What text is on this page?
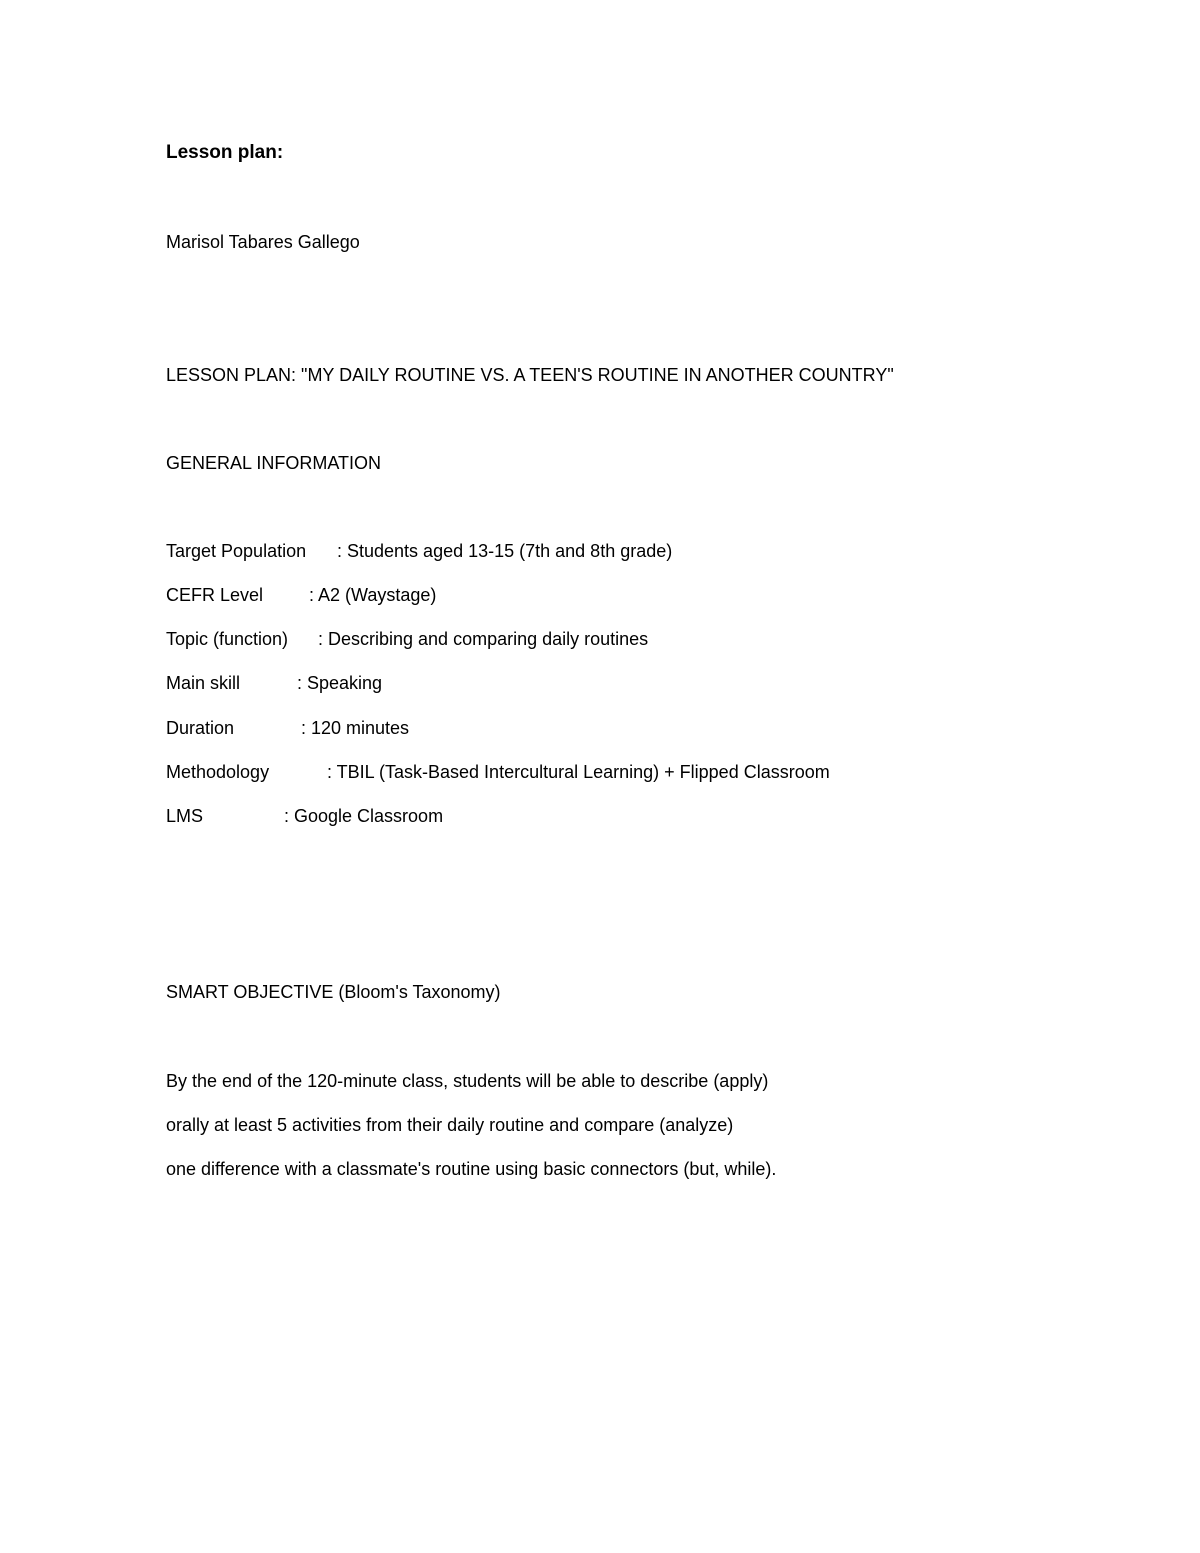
Lesson plan:
Marisol Tabares Gallego
LESSON PLAN: "MY DAILY ROUTINE VS. A TEEN'S ROUTINE IN ANOTHER COUNTRY"
GENERAL INFORMATION
Target Population : Students aged 13-15 (7th and 8th grade)
CEFR Level	: A2 (Waystage)
Topic (function) : Describing and comparing daily routines
Main skill	: Speaking
Duration	: 120 minutes
Methodology	: TBIL (Task-Based Intercultural Learning) + Flipped Classroom
LMS	: Google Classroom
SMART OBJECTIVE (Bloom's Taxonomy)
By the end of the 120-minute class, students will be able to describe (apply)
orally at least 5 activities from their daily routine and compare (analyze)
one difference with a classmate's routine using basic connectors (but, while).
